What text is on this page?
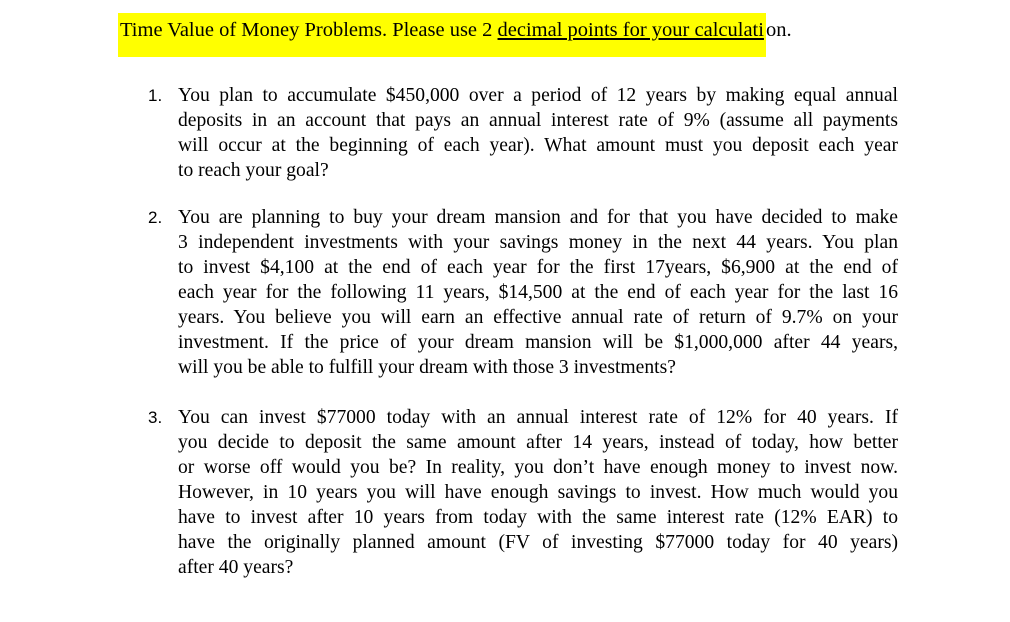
Time Value of Money Problems. Please use 2 decimal points for your calculation.
1. You plan to accumulate $450,000 over a period of 12 years by making equal annual
deposits in an account that pays an annual interest rate of 9% (assume all payments
will occur at the beginning of each year). What amount must you deposit each year
to reach your goal?
2. You are planning to buy your dream mansion and for that you have decided to make
3 independent investments with your savings money in the next 44 years. You plan
to invest $4,100 at the end of each year for the first 17years, $6,900 at the end of
each year for the following 11 years, $14,500 at the end of each year for the last 16
years. You believe you will earn an effective annual rate of return of 9.7% on your
investment. If the price of your dream mansion will be $1,000,000 after 44 years,
will you be able to fulfill your dream with those 3 investments?
3. You can invest $77000 today with an annual interest rate of 12% for 40 years. If
you decide to deposit the same amount after 14 years, instead of today, how better
or worse off would you be? In reality, you don’t have enough money to invest now.
However, in 10 years you will have enough savings to invest. How much would you
have to invest after 10 years from today with the same interest rate (12% EAR) to
have the originally planned amount (FV of investing $77000 today for 40 years)
after 40 years?
